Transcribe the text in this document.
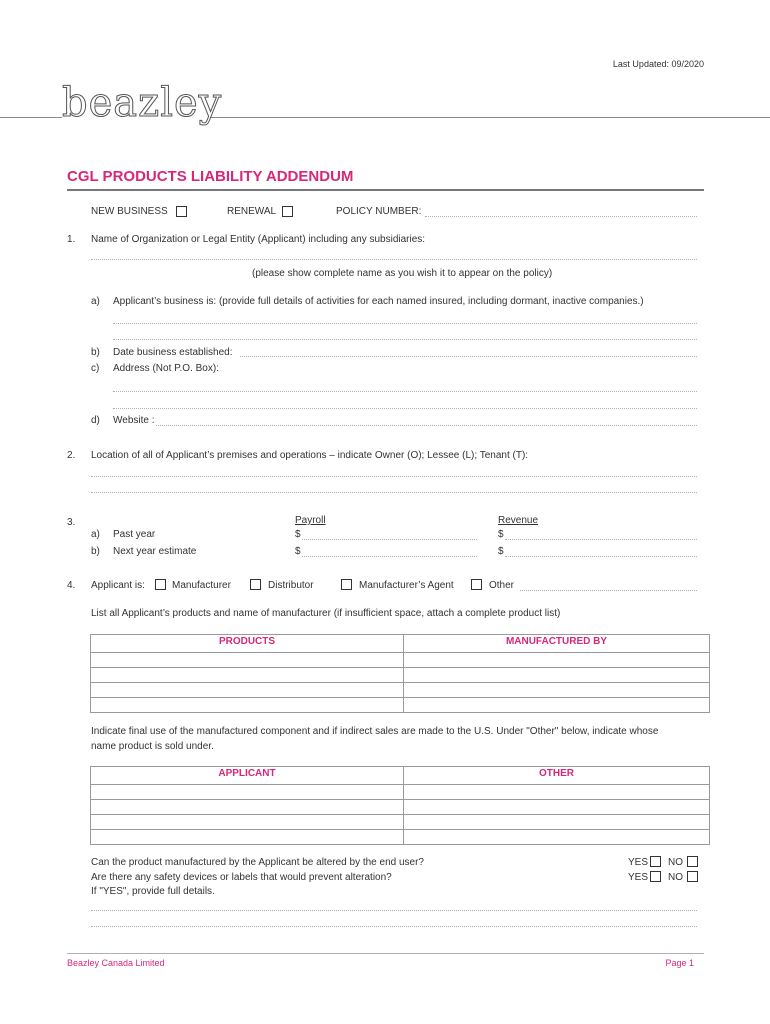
Last Updated: 09/2020
beazley
CGL PRODUCTS LIABILITY ADDENDUM
NEW BUSINESS	RENEWAL	POLICY NUMBER:
1. Name of Organization or Legal Entity (Applicant) including any subsidiaries:
(please show complete name as you wish it to appear on the policy)
a) Applicant’s business is: (provide full details of activities for each named insured, including dormant, inactive companies.)
b) Date business established:
c) Address (Not P.O. Box):
d) Website :
2. Location of all of Applicant’s premises and operations – indicate Owner (O); Lessee (L); Tenant (T):
3.	Payroll	Revenue
a) Past year	$	$
b) Next year estimate	$	$
4. Applicant is:	Manufacturer	Distributor	Manufacturer’s Agent	Other
List all Applicant’s products and name of manufacturer (if insufficient space, attach a complete product list)
PRODUCTS	MANUFACTURED BY

Indicate final use of the manufactured component and if indirect sales are made to the U.S. Under "Other" below, indicate whose
name product is sold under.
APPLICANT	OTHER

Can the product manufactured by the Applicant be altered by the end user?	YES NO
Are there any safety devices or labels that would prevent alteration?	YES NO
If "YES", provide full details.
Beazley Canada Limited	Page 1
